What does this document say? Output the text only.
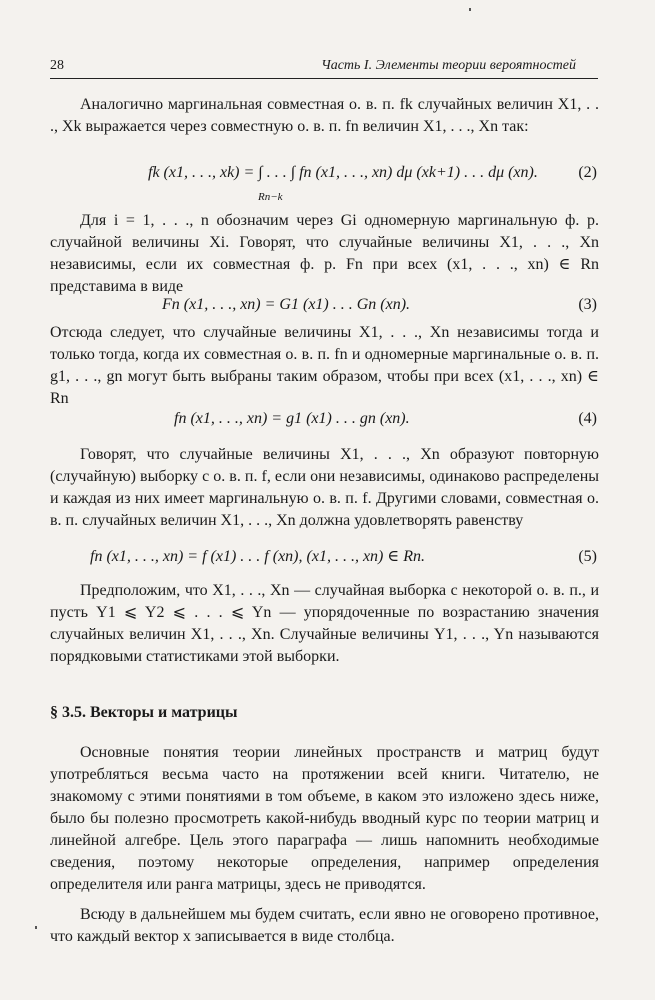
28	Часть I. Элементы теории вероятностей

Аналогично маргинальная совместная о. в. п. fk случайных величин X1, . . ., Xk выражается через совместную о. в. п. fn величин X1, . . ., Xn так:

fk (x1, . . ., xk) = ∫ . . . ∫ fn (x1, . . ., xn) dμ (xk+1) . . . dμ (xn).
Rn−k
(2)

Для i = 1, . . ., n обозначим через Gi одномерную маргинальную ф. р. случайной величины Xi. Говорят, что случайные величины X1, . . ., Xn независимы, если их совместная ф. р. Fn при всех (x1, . . ., xn) ∈ Rn представима в виде

Fn (x1, . . ., xn) = G1 (x1) . . . Gn (xn).	(3)

Отсюда следует, что случайные величины X1, . . ., Xn независимы тогда и только тогда, когда их совместная о. в. п. fn и одномерные маргинальные о. в. п. g1, . . ., gn могут быть выбраны таким образом, чтобы при всех (x1, . . ., xn) ∈ Rn

fn (x1, . . ., xn) = g1 (x1) . . . gn (xn).	(4)

Говорят, что случайные величины X1, . . ., Xn образуют повторную (случайную) выборку с о. в. п. f, если они независимы, одинаково распределены и каждая из них имеет маргинальную о. в. п. f. Другими словами, совместная о. в. п. случайных величин X1, . . ., Xn должна удовлетворять равенству

fn (x1, . . ., xn) = f (x1) . . . f (xn), (x1, . . ., xn) ∈ Rn.	(5)

Предположим, что X1, . . ., Xn — случайная выборка с некоторой о. в. п., и пусть Y1 ⩽ Y2 ⩽ . . . ⩽ Yn — упорядоченные по возрастанию значения случайных величин X1, . . ., Xn. Случайные величины Y1, . . ., Yn называются порядковыми статистиками этой выборки.

§ 3.5. Векторы и матрицы

Основные понятия теории линейных пространств и матриц будут употребляться весьма часто на протяжении всей книги. Читателю, не знакомому с этими понятиями в том объеме, в каком это изложено здесь ниже, было бы полезно просмотреть какой-нибудь вводный курс по теории матриц и линейной алгебре. Цель этого параграфа — лишь напомнить необходимые сведения, поэтому некоторые определения, например определения определителя или ранга матрицы, здесь не приводятся.

Всюду в дальнейшем мы будем считать, если явно не оговорено противное, что каждый вектор x записывается в виде столбца.
